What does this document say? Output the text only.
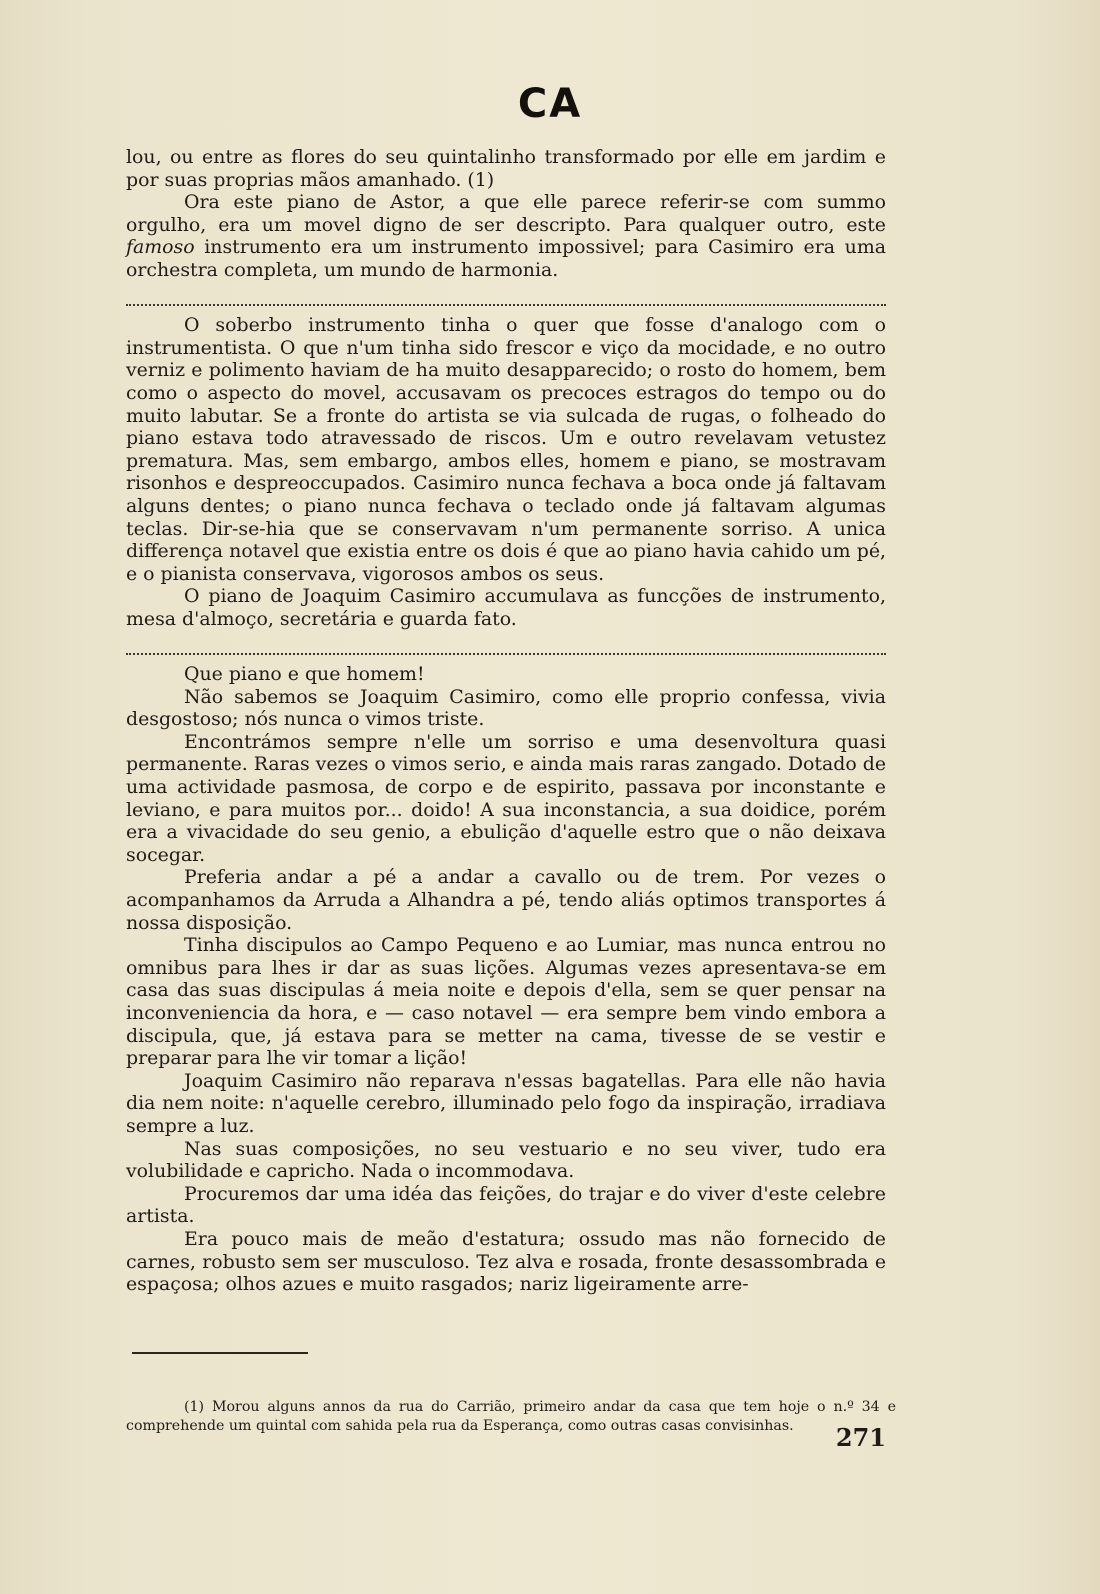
CA

lou, ou entre as flores do seu quintalinho transformado por elle em jardim e por suas proprias mãos amanhado. (1)

Ora este piano de Astor, a que elle parece referir-se com summo orgulho, era um movel digno de ser descripto. Para qualquer outro, este famoso instrumento era um instrumento impossivel; para Casimiro era uma orchestra completa, um mundo de harmonia.

O soberbo instrumento tinha o quer que fosse d'analogo com o instrumentista. O que n'um tinha sido frescor e viço da mocidade, e no outro verniz e polimento haviam de ha muito desapparecido; o rosto do homem, bem como o aspecto do movel, accusavam os precoces estragos do tempo ou do muito labutar. Se a fronte do artista se via sulcada de rugas, o folheado do piano estava todo atravessado de riscos. Um e outro revelavam vetustez prematura. Mas, sem embargo, ambos elles, homem e piano, se mostravam risonhos e despreoccupados. Casimiro nunca fechava a boca onde já faltavam alguns dentes; o piano nunca fechava o teclado onde já faltavam algumas teclas. Dir-se-hia que se conservavam n'um permanente sorriso. A unica differença notavel que existia entre os dois é que ao piano havia cahido um pé, e o pianista conservava, vigorosos ambos os seus.

O piano de Joaquim Casimiro accumulava as funcções de instrumento, mesa d'almoço, secretária e guarda fato.

Que piano e que homem!

Não sabemos se Joaquim Casimiro, como elle proprio confessa, vivia desgostoso; nós nunca o vimos triste.

Encontrámos sempre n'elle um sorriso e uma desenvoltura quasi permanente. Raras vezes o vimos serio, e ainda mais raras zangado. Dotado de uma actividade pasmosa, de corpo e de espirito, passava por inconstante e leviano, e para muitos por... doido! A sua inconstancia, a sua doidice, porém era a vivacidade do seu genio, a ebulição d'aquelle estro que o não deixava socegar.

Preferia andar a pé a andar a cavallo ou de trem. Por vezes o acompanhamos da Arruda a Alhandra a pé, tendo aliás optimos transportes á nossa disposição.

Tinha discipulos ao Campo Pequeno e ao Lumiar, mas nunca entrou no omnibus para lhes ir dar as suas lições. Algumas vezes apresentava-se em casa das suas discipulas á meia noite e depois d'ella, sem se quer pensar na inconveniencia da hora, e — caso notavel — era sempre bem vindo embora a discipula, que, já estava para se metter na cama, tivesse de se vestir e preparar para lhe vir tomar a lição!

Joaquim Casimiro não reparava n'essas bagatellas. Para elle não havia dia nem noite: n'aquelle cerebro, illuminado pelo fogo da inspiração, irradiava sempre a luz.

Nas suas composições, no seu vestuario e no seu viver, tudo era volubilidade e capricho. Nada o incommodava.

Procuremos dar uma idéa das feições, do trajar e do viver d'este celebre artista.

Era pouco mais de meão d'estatura; ossudo mas não fornecido de carnes, robusto sem ser musculoso. Tez alva e rosada, fronte desassombrada e espaçosa; olhos azues e muito rasgados; nariz ligeiramente arre-

(1) Morou alguns annos da rua do Carrião, primeiro andar da casa que tem hoje o n.º 34 e comprehende um quintal com sahida pela rua da Esperança, como outras casas convisinhas.	271
